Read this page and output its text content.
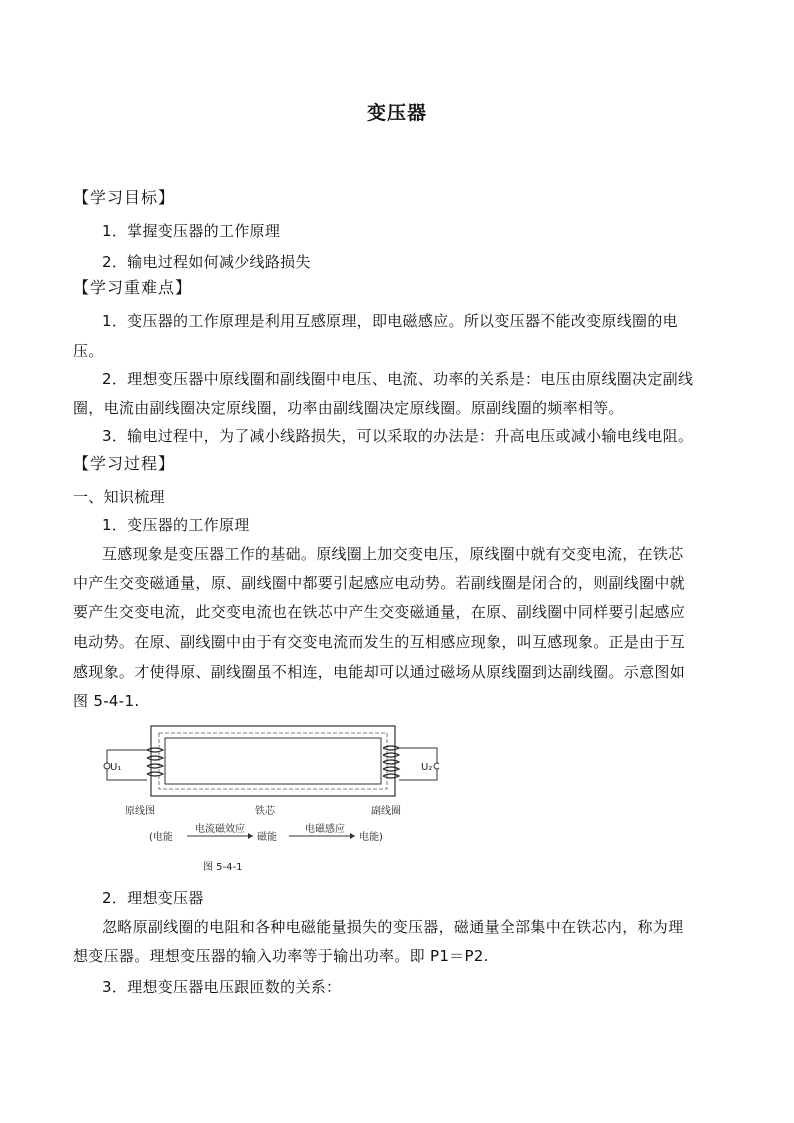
变压器
【学习目标】
1．掌握变压器的工作原理
2．输电过程如何减少线路损失
【学习重难点】
1．变压器的工作原理是利用互感原理，即电磁感应。所以变压器不能改变原线圈的电
压。
2．理想变压器中原线圈和副线圈中电压、电流、功率的关系是：电压由原线圈决定副线
圈，电流由副线圈决定原线圈，功率由副线圈决定原线圈。原副线圈的频率相等。
3．输电过程中，为了减小线路损失，可以采取的办法是：升高电压或减小输电线电阻。
【学习过程】
一、知识梳理
1．变压器的工作原理
互感现象是变压器工作的基础。原线圈上加交变电压，原线圈中就有交变电流，在铁芯
中产生交变磁通量，原、副线圈中都要引起感应电动势。若副线圈是闭合的，则副线圈中就
要产生交变电流，此交变电流也在铁芯中产生交变磁通量，在原、副线圈中同样要引起感应
电动势。在原、副线圈中由于有交变电流而发生的互相感应现象，叫互感现象。正是由于互
感现象。才使得原、副线圈虽不相连，电能却可以通过磁场从原线圈到达副线圈。示意图如
图 5-4-1.
U₁	U₂
原线图	铁芯	副线圈
(电能
电流磁效应
磁能
电磁感应
电能)
图 5-4-1
2．理想变压器
忽略原副线圈的电阻和各种电磁能量损失的变压器，磁通量全部集中在铁芯内，称为理
想变压器。理想变压器的输入功率等于输出功率。即 P1＝P2.
3．理想变压器电压跟匝数的关系：
